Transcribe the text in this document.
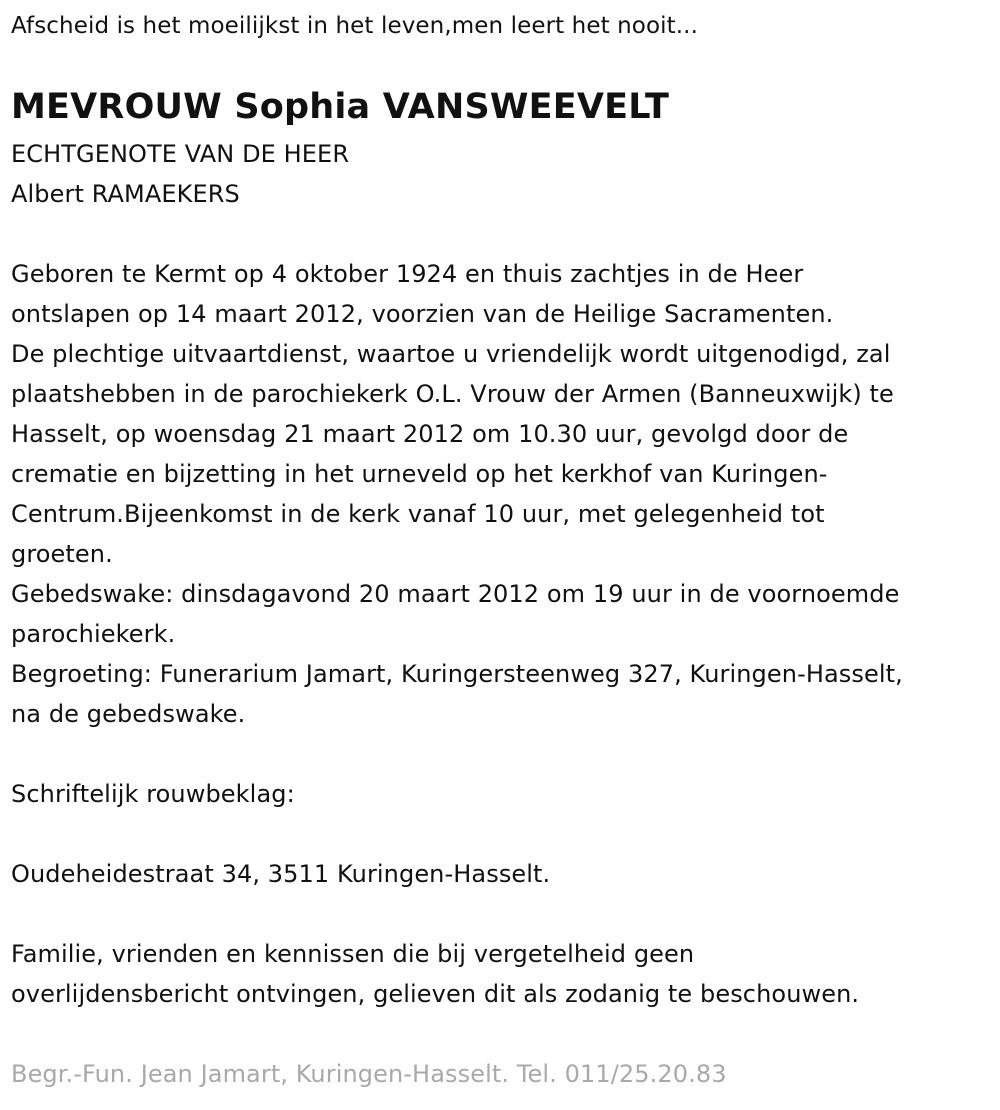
Afscheid is het moeilijkst in het leven,men leert het nooit...
MEVROUW Sophia VANSWEEVELT
ECHTGENOTE VAN DE HEER
Albert RAMAEKERS
Geboren te Kermt op 4 oktober 1924 en thuis zachtjes in de Heer
ontslapen op 14 maart 2012, voorzien van de Heilige Sacramenten.
De plechtige uitvaartdienst, waartoe u vriendelijk wordt uitgenodigd, zal
plaatshebben in de parochiekerk O.L. Vrouw der Armen (Banneuxwijk) te
Hasselt, op woensdag 21 maart 2012 om 10.30 uur, gevolgd door de
crematie en bijzetting in het urneveld op het kerkhof van Kuringen-
Centrum.Bijeenkomst in de kerk vanaf 10 uur, met gelegenheid tot
groeten.
Gebedswake: dinsdagavond 20 maart 2012 om 19 uur in de voornoemde
parochiekerk.
Begroeting: Funerarium Jamart, Kuringersteenweg 327, Kuringen-Hasselt,
na de gebedswake.
Schriftelijk rouwbeklag:
Oudeheidestraat 34, 3511 Kuringen-Hasselt.
Familie, vrienden en kennissen die bij vergetelheid geen
overlijdensbericht ontvingen, gelieven dit als zodanig te beschouwen.
Begr.-Fun. Jean Jamart, Kuringen-Hasselt. Tel. 011/25.20.83
